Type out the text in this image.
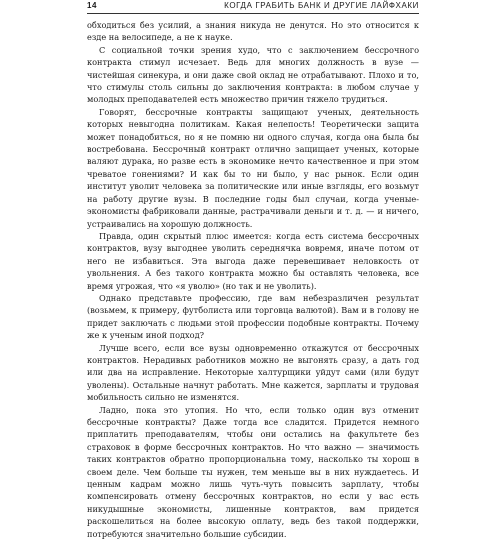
14	КОГДА ГРАБИТЬ БАНК И ДРУГИЕ ЛАЙФХАКИ

обходиться без усилий, а знания никуда не денутся. Но это относится к езде на велосипеде, а не к науке.

С социальной точки зрения худо, что с заключением бессрочного контракта стимул исчезает. Ведь для многих должность в вузе — чистейшая синекура, и они даже свой оклад не отрабатывают. Плохо и то, что стимулы столь сильны до заключения контракта: в любом случае у молодых преподавателей есть множество причин тяжело трудиться.

Говорят, бессрочные контракты защищают ученых, деятельность которых невыгодна политикам. Какая нелепость! Теоретически защита может понадобиться, но я не помню ни одного случая, когда она была бы востребована. Бессрочный контракт отлично защищает ученых, которые валяют дурака, но разве есть в экономике нечто качественное и при этом чреватое гонениями? И как бы то ни было, у нас рынок. Если один институт уволит человека за политические или иные взгляды, его возьмут на работу другие вузы. В последние годы был случаи, когда ученые-экономисты фабриковали данные, растрачивали деньги и т. д. — и ничего, устраивались на хорошую должность.

Правда, один скрытый плюс имеется: когда есть система бессрочных контрактов, вузу выгоднее уволить середнячка вовремя, иначе потом от него не избавиться. Эта выгода даже перевешивает неловкость от увольнения. А без такого контракта можно бы оставлять человека, все время угрожая, что «я уволю» (но так и не уволить).

Однако представьте профессию, где вам небезразличен результат (возьмем, к примеру, футболиста или торговца валютой). Вам и в голову не придет заключать с людьми этой профессии подобные контракты. Почему же к ученым иной подход?

Лучше всего, если все вузы одновременно откажутся от бессрочных контрактов. Нерадивых работников можно не выгонять сразу, а дать год или два на исправление. Некоторые халтурщики уйдут сами (или будут уволены). Остальные начнут работать. Мне кажется, зарплаты и трудовая мобильность сильно не изменятся.

Ладно, пока это утопия. Но что, если только один вуз отменит бессрочные контракты? Даже тогда все сладится. Придется немного приплатить преподавателям, чтобы они остались на факультете без страховок в форме бессрочных контрактов. Но что важно — значимость таких контрактов обратно пропорциональна тому, насколько ты хорош в своем деле. Чем больше ты нужен, тем меньше вы в них нуждаетесь. И ценным кадрам можно лишь чуть-чуть повысить зарплату, чтобы компенсировать отмену бессрочных контрактов, но если у вас есть никудышные экономисты, лишенные контрактов, вам придется раскошелиться на более высокую оплату, ведь без такой поддержки, потребуются значительно большие субсидии.
